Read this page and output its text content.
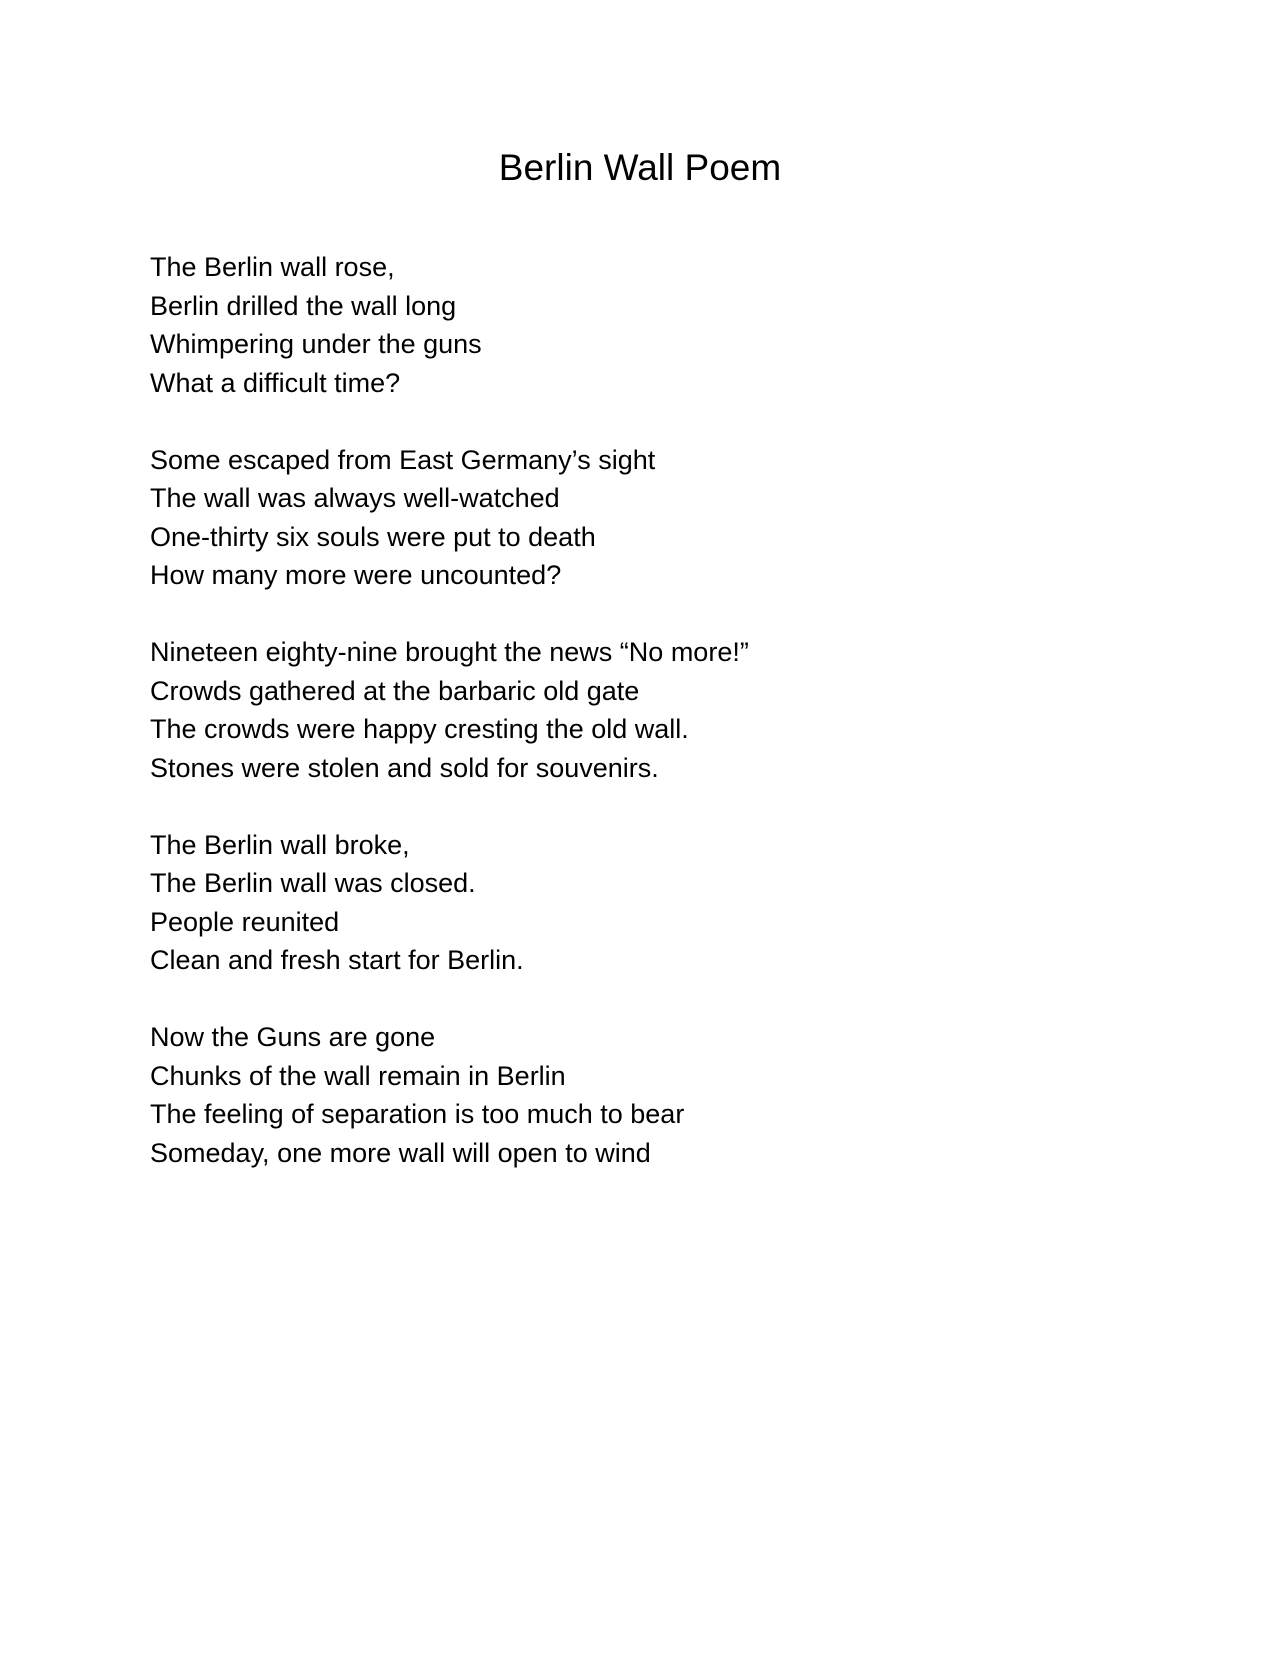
Berlin Wall Poem
The Berlin wall rose,
Berlin drilled the wall long
Whimpering under the guns
What a difficult time?
Some escaped from East Germany’s sight
The wall was always well-watched
One-thirty six souls were put to death
How many more were uncounted?
Nineteen eighty-nine brought the news “No more!”
Crowds gathered at the barbaric old gate
The crowds were happy cresting the old wall.
Stones were stolen and sold for souvenirs.
The Berlin wall broke,
The Berlin wall was closed.
People reunited
Clean and fresh start for Berlin.
Now the Guns are gone
Chunks of the wall remain in Berlin
The feeling of separation is too much to bear
Someday, one more wall will open to wind
